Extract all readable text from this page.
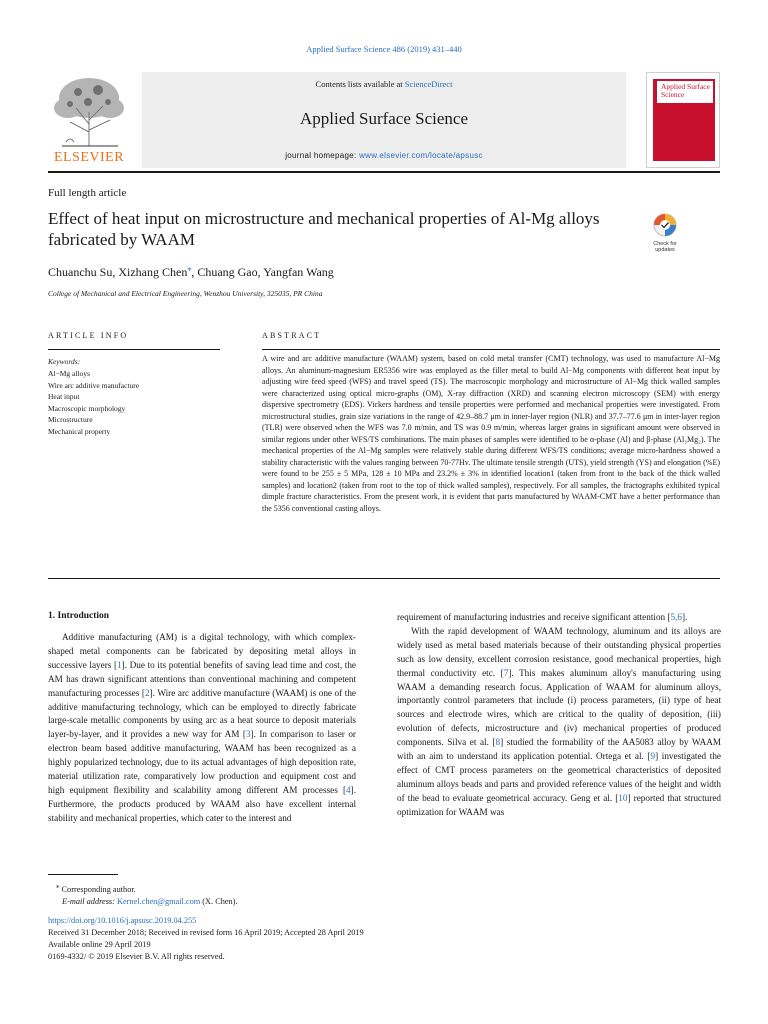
Applied Surface Science 486 (2019) 431–440
ELSEVIER
Contents lists available at ScienceDirect
Applied Surface Science
journal homepage: www.elsevier.com/locate/apsusc
Applied Surface Science
Full length article
Effect of heat input on microstructure and mechanical properties of Al-Mg alloys fabricated by WAAM	Check for
updates
Chuanchu Su, Xizhang Chen⁎, Chuang Gao, Yangfan Wang
College of Mechanical and Electrical Engineering, Wenzhou University, 325035, PR China
ARTICLE INFO	ABSTRACT
Keywords:
Al−Mg alloys
Wire arc additive manufacture
Heat input
Macroscopic morphology
Microstructure
Mechanical property
A wire and arc additive manufacture (WAAM) system, based on cold metal transfer (CMT) technology, was used to manufacture Al−Mg alloys. An aluminum-magnesium ER5356 wire was employed as the filler metal to build Al−Mg components with different heat input by adjusting wire feed speed (WFS) and travel speed (TS). The macroscopic morphology and microstructure of Al−Mg thick walled samples were characterized using optical micro-graphs (OM), X-ray diffraction (XRD) and scanning electron microscopy (SEM) with energy dispersive spectrometry (EDS). Vickers hardness and tensile properties were performed and mechanical properties were investigated. From microstructural studies, grain size variations in the range of 42.9–88.7 μm in inner-layer region (NLR) and 37.7–77.6 μm in inter-layer region (TLR) were observed when the WFS was 7.0 m/min, and TS was 0.9 m/min, whereas larger grains in significant amount were observed in similar regions under other WFS/TS combinations. The main phases of samples were identified to be α-phase (Al) and β-phase (Al₃Mg₂). The mechanical properties of the Al−Mg samples were relatively stable during different WFS/TS conditions; average micro-hardness showed a stability characteristic with the values ranging between 70-77Hv. The ultimate tensile strength (UTS), yield strength (YS) and elongation (%E) were found to be 255 ± 5 MPa, 128 ± 10 MPa and 23.2% ± 3% in identified location1 (taken from front to the back of the thick walled samples) and location2 (taken from root to the top of thick walled samples), respectively. For all samples, the fractographs exhibited typical dimple fracture characteristics. From the present work, it is evident that parts manufactured by WAAM-CMT have a better performance than the 5356 conventional casting alloys.
1. Introduction

Additive manufacturing (AM) is a digital technology, with which complex-shaped metal components can be fabricated by depositing metal alloys in successive layers [1]. Due to its potential benefits of saving lead time and cost, the AM has drawn significant attentions than conventional machining and competent manufacturing processes [2]. Wire arc additive manufacture (WAAM) is one of the additive manufacturing technology, which can be employed to directly fabricate large-scale metallic components by using arc as a heat source to deposit materials layer-by-layer, and it provides a new way for AM [3]. In comparison to laser or electron beam based additive manufacturing, WAAM has been recognized as a highly popularized technology, due to its actual advantages of high deposition rate, material utilization rate, comparatively low production and equipment cost and high equipment flexibility and scalability among different AM processes [4]. Furthermore, the products produced by WAAM also have excellent internal stability and mechanical properties, which cater to the interest and

requirement of manufacturing industries and receive significant attention [5,6].

With the rapid development of WAAM technology, aluminum and its alloys are widely used as metal based materials because of their outstanding physical properties such as low density, excellent corrosion resistance, good mechanical properties, high thermal conductivity etc. [7]. This makes aluminum alloy's manufacturing using WAAM a demanding research focus. Application of WAAM for aluminum alloys, importantly control parameters that include (i) process parameters, (ii) type of heat sources and electrode wires, which are critical to the quality of deposition, (iii) evolution of defects, microstructure and (iv) mechanical properties of produced components. Silva et al. [8] studied the formability of the AA5083 alloy by WAAM with an aim to understand its application potential. Ortega et al. [9] investigated the effect of CMT process parameters on the geometrical characteristics of deposited aluminum alloys beads and parts and provided reference values of the height and width of the bead to evaluate geometrical accuracy. Geng et al. [10] reported that structured optimization for WAAM was

⁎ Corresponding author.
E-mail address: Kernel.chen@gmail.com (X. Chen).
https://doi.org/10.1016/j.apsusc.2019.04.255
Received 31 December 2018; Received in revised form 16 April 2019; Accepted 28 April 2019
Available online 29 April 2019
0169-4332/ © 2019 Elsevier B.V. All rights reserved.
